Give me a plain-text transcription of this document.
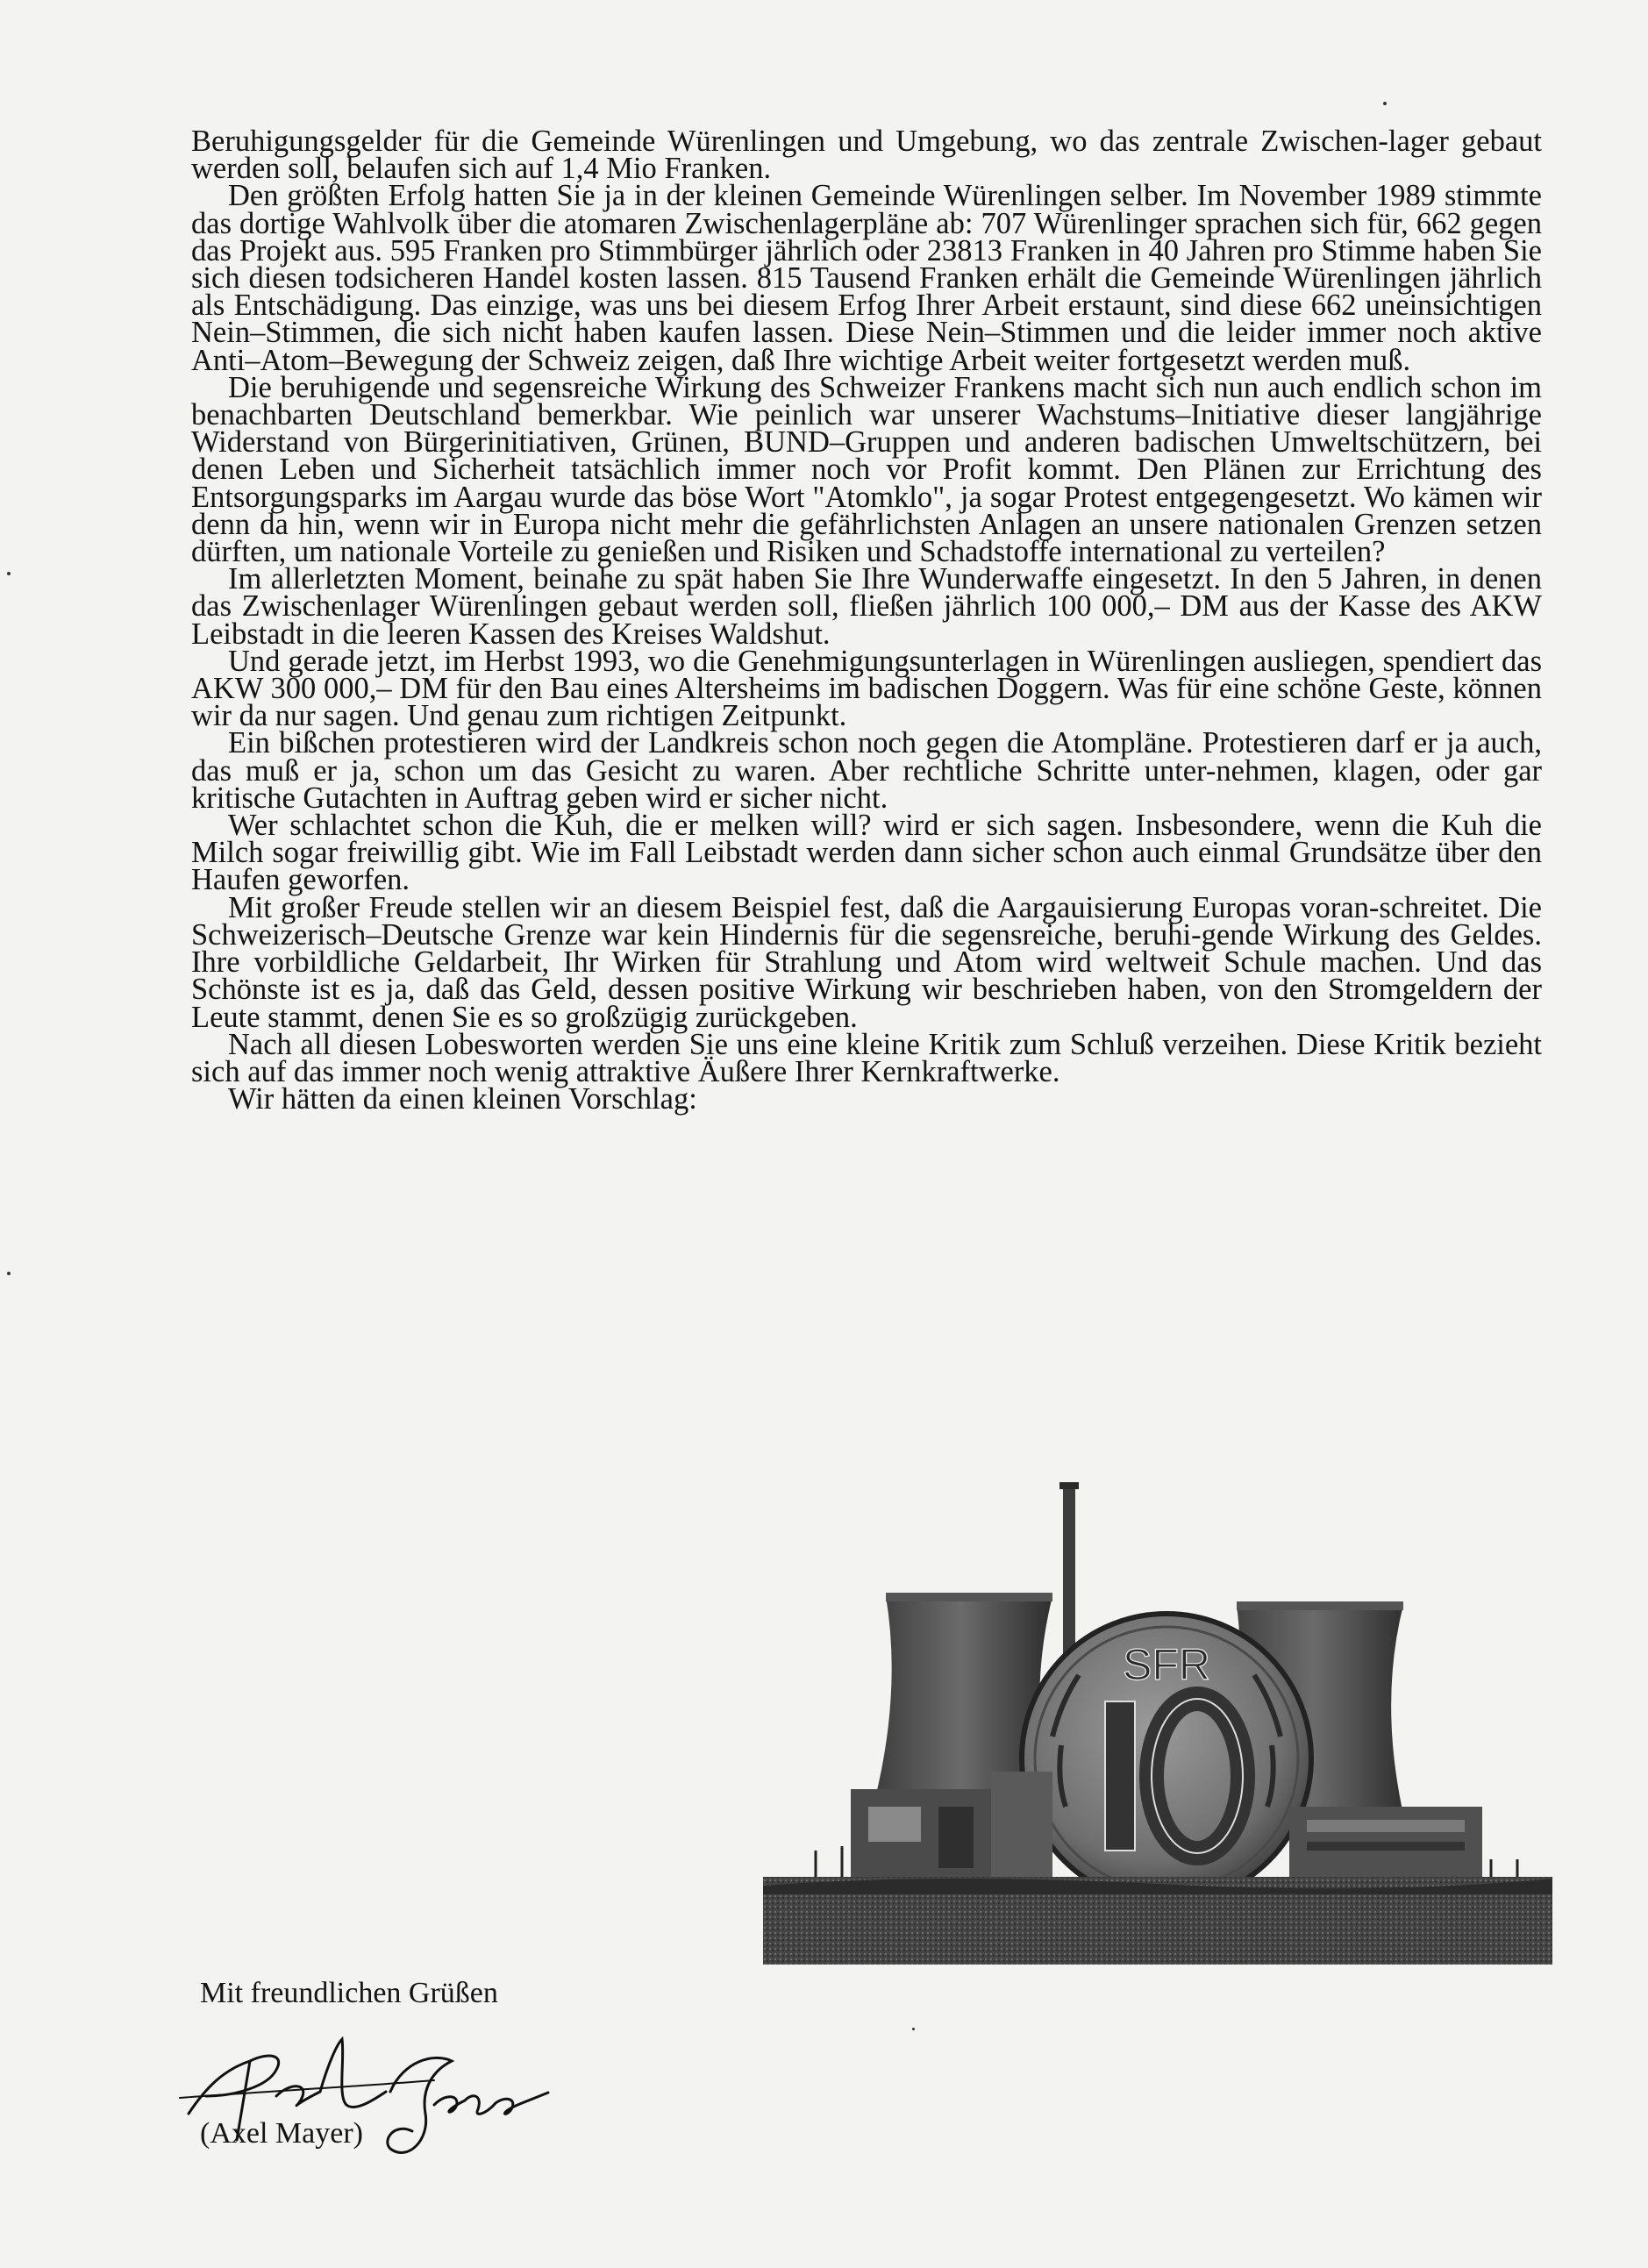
Beruhigungsgelder für die Gemeinde Würenlingen und Umgebung, wo das zentrale Zwischen-lager gebaut werden soll, belaufen sich auf 1,4 Mio Franken.

Den größten Erfolg hatten Sie ja in der kleinen Gemeinde Würenlingen selber. Im November 1989 stimmte das dortige Wahlvolk über die atomaren Zwischenlagerpläne ab: 707 Würenlinger sprachen sich für, 662 gegen das Projekt aus. 595 Franken pro Stimmbürger jährlich oder 23813 Franken in 40 Jahren pro Stimme haben Sie sich diesen todsicheren Handel kosten lassen. 815 Tausend Franken erhält die Gemeinde Würenlingen jährlich als Entschädigung. Das einzige, was uns bei diesem Erfog Ihrer Arbeit erstaunt, sind diese 662 uneinsichtigen Nein–Stimmen, die sich nicht haben kaufen lassen. Diese Nein–Stimmen und die leider immer noch aktive Anti–Atom–Bewegung der Schweiz zeigen, daß Ihre wichtige Arbeit weiter fortgesetzt werden muß.

Die beruhigende und segensreiche Wirkung des Schweizer Frankens macht sich nun auch endlich schon im benachbarten Deutschland bemerkbar. Wie peinlich war unserer Wachstums–Initiative dieser langjährige Widerstand von Bürgerinitiativen, Grünen, BUND–Gruppen und anderen badischen Umweltschützern, bei denen Leben und Sicherheit tatsächlich immer noch vor Profit kommt. Den Plänen zur Errichtung des Entsorgungsparks im Aargau wurde das böse Wort "Atomklo", ja sogar Protest entgegengesetzt. Wo kämen wir denn da hin, wenn wir in Europa nicht mehr die gefährlichsten Anlagen an unsere nationalen Grenzen setzen dürften, um nationale Vorteile zu genießen und Risiken und Schadstoffe international zu verteilen?

Im allerletzten Moment, beinahe zu spät haben Sie Ihre Wunderwaffe eingesetzt. In den 5 Jahren, in denen das Zwischenlager Würenlingen gebaut werden soll, fließen jährlich 100 000,– DM aus der Kasse des AKW Leibstadt in die leeren Kassen des Kreises Waldshut.

Und gerade jetzt, im Herbst 1993, wo die Genehmigungsunterlagen in Würenlingen ausliegen, spendiert das AKW 300 000,– DM für den Bau eines Altersheims im badischen Doggern. Was für eine schöne Geste, können wir da nur sagen. Und genau zum richtigen Zeitpunkt.

Ein bißchen protestieren wird der Landkreis schon noch gegen die Atompläne. Protestieren darf er ja auch, das muß er ja, schon um das Gesicht zu waren. Aber rechtliche Schritte unter-nehmen, klagen, oder gar kritische Gutachten in Auftrag geben wird er sicher nicht.

Wer schlachtet schon die Kuh, die er melken will? wird er sich sagen. Insbesondere, wenn die Kuh die Milch sogar freiwillig gibt. Wie im Fall Leibstadt werden dann sicher schon auch einmal Grundsätze über den Haufen geworfen.

Mit großer Freude stellen wir an diesem Beispiel fest, daß die Aargauisierung Europas voran-schreitet. Die Schweizerisch–Deutsche Grenze war kein Hindernis für die segensreiche, beruhi-gende Wirkung des Geldes. Ihre vorbildliche Geldarbeit, Ihr Wirken für Strahlung und Atom wird weltweit Schule machen. Und das Schönste ist es ja, daß das Geld, dessen positive Wirkung wir beschrieben haben, von den Stromgeldern der Leute stammt, denen Sie es so großzügig zurückgeben.

Nach all diesen Lobesworten werden Sie uns eine kleine Kritik zum Schluß verzeihen. Diese Kritik bezieht sich auf das immer noch wenig attraktive Äußere Ihrer Kernkraftwerke.

Wir hätten da einen kleinen Vorschlag:

SFR
Mit freundlichen Grüßen
(Axel Mayer)
